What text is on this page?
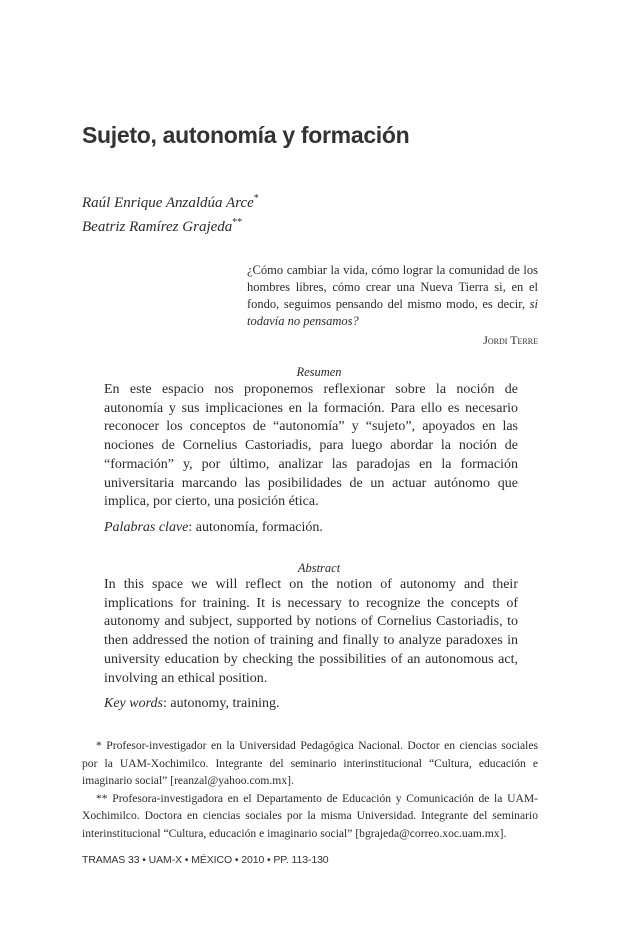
Sujeto, autonomía y formación
Raúl Enrique Anzaldúa Arce*
Beatriz Ramírez Grajeda**
¿Cómo cambiar la vida, cómo lograr la comunidad de los hombres libres, cómo crear una Nueva Tierra si, en el fondo, seguimos pensando del mismo modo, es decir, si todavía no pensamos?
Jordi Terre
Resumen
En este espacio nos proponemos reflexionar sobre la noción de autonomía y sus implicaciones en la formación. Para ello es necesario reconocer los conceptos de “autonomía” y “sujeto”, apoyados en las nociones de Cornelius Castoriadis, para luego abordar la noción de “formación” y, por último, analizar las paradojas en la formación universitaria marcando las posibilidades de un actuar autónomo que implica, por cierto, una posición ética.
Palabras clave: autonomía, formación.
Abstract
In this space we will reflect on the notion of autonomy and their implications for training. It is necessary to recognize the concepts of autonomy and subject, supported by notions of Cornelius Castoriadis, to then addressed the notion of training and finally to analyze paradoxes in university education by checking the possibilities of an autonomous act, involving an ethical position.
Key words: autonomy, training.

* Profesor-investigador en la Universidad Pedagógica Nacional. Doctor en ciencias sociales por la UAM-Xochimilco. Integrante del seminario interinstitucional “Cultura, educación e imaginario social” [reanzal@yahoo.com.mx].

** Profesora-investigadora en el Departamento de Educación y Comunicación de la UAM-Xochimilco. Doctora en ciencias sociales por la misma Universidad. Integrante del seminario interinstitucional “Cultura, educación e imaginario social” [bgrajeda@correo.xoc.uam.mx].

TRAMAS 33 • UAM-X • MÉXICO • 2010 • PP. 113-130
